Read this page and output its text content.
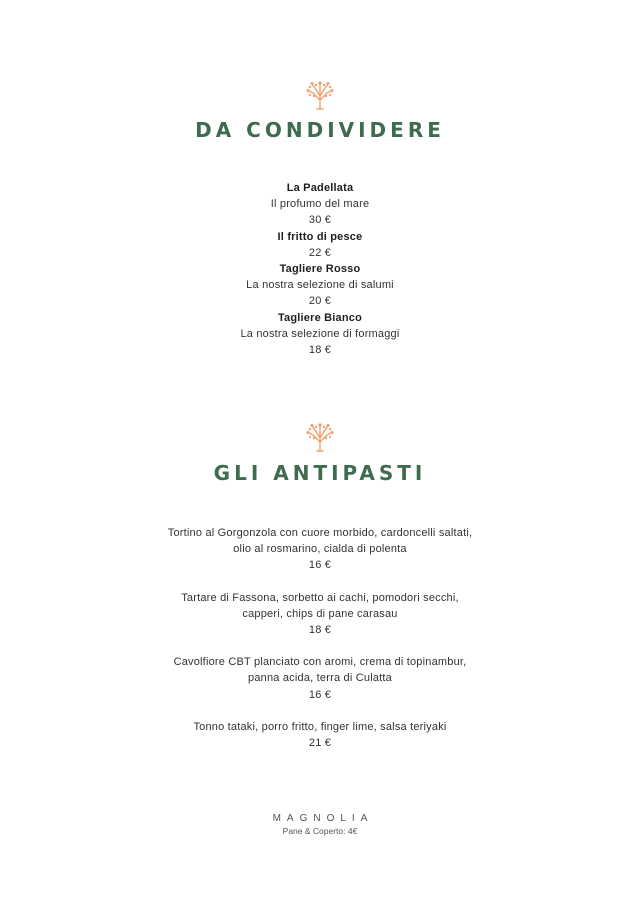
DA CONDIVIDERE
La Padellata
Il profumo del mare
30 €
Il fritto di pesce
22 €
Tagliere Rosso
La nostra selezione di salumi
20 €
Tagliere Bianco
La nostra selezione di formaggi
18 €
GLI ANTIPASTI
Tortino al Gorgonzola con cuore morbido, cardoncelli saltati,
olio al rosmarino, cialda di polenta
16 €
Tartare di Fassona, sorbetto ai cachi, pomodori secchi,
capperi, chips di pane carasau
18 €
Cavolfiore CBT planciato con aromi, crema di topinambur,
panna acida, terra di Culatta
16 €
Tonno tataki, porro fritto, finger lime, salsa teriyaki
21 €
MAGNOLIA
Pane & Coperto: 4€
